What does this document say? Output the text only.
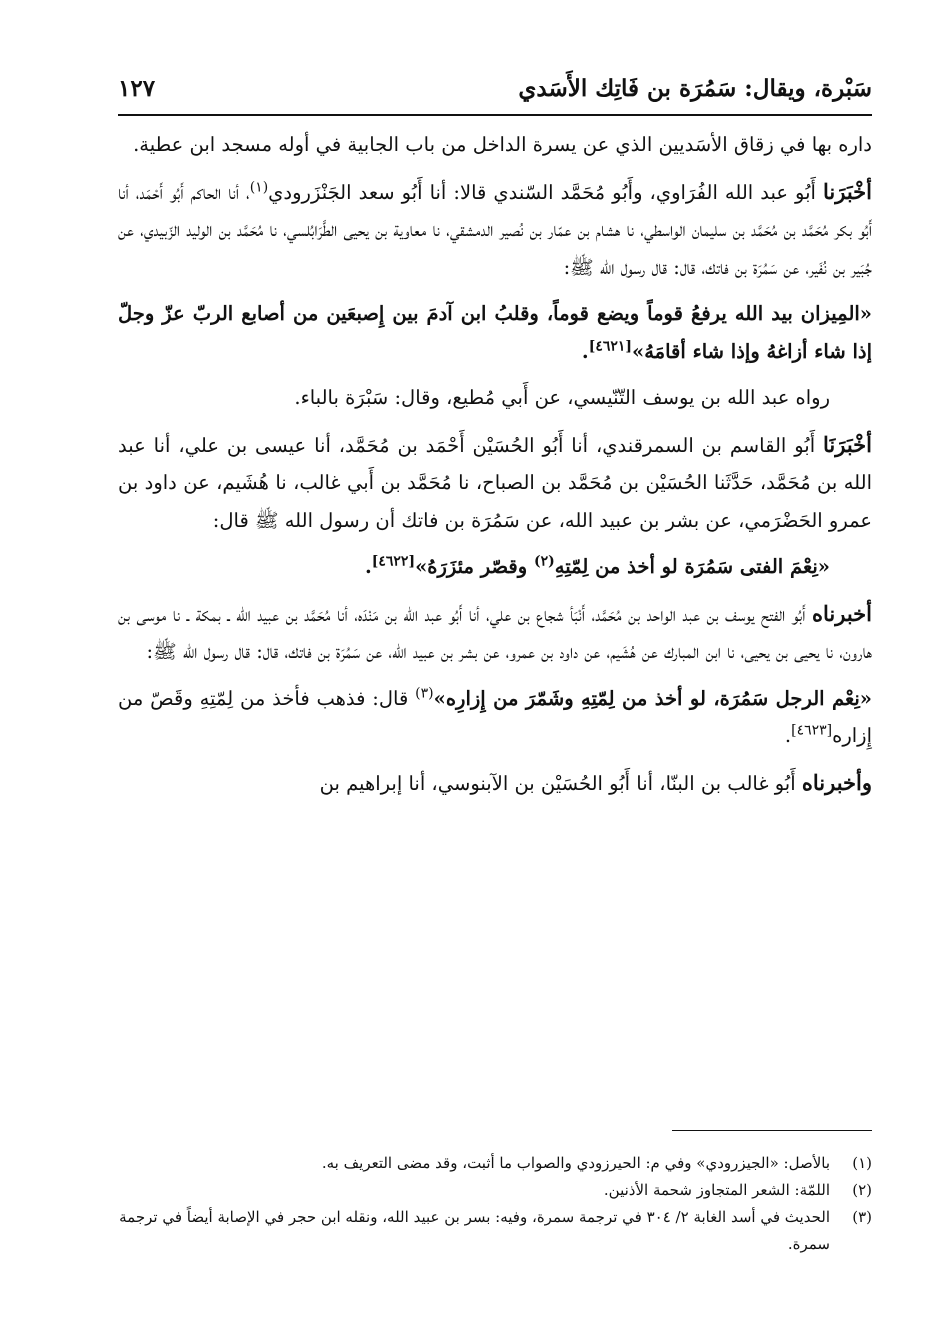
سَبْرة، ويقال: سَمُرَة بن فَاتِك الأَسَدي
١٢٧

داره بها في زقاق الأسَديين الذي عن يسرة الداخل من باب الجابية في أوله مسجد ابن عطية.

أخْبَرَنا أَبُو عبد الله الفُرَاوي، وأَبُو مُحَمَّد السّندي قالا: أنا أَبُو سعد الجَنْزَرودي$^{(١)}$، أنا الحاكم أَبُو أَحْمَد، أنا أَبُو بكر مُحَمَّد بن مُحَمَّد بن سليمان الواسطي، نا هشام بن عمّار بن نُصير الدمشقي، نا معاوية بن يحيى الطَّرَابُلسي، نا مُحَمَّد بن الوليد الزّبيدي، عن جُبَير بن نُفَير، عن سَمُرَة بن فاتك، قال: قال رسول الله ﷺ:

«المِيزان بيد الله يرفعُ قوماً ويضع قوماً، وقلبُ ابن آدمَ بين إِصبعَين من أصابع الربّ عزّ وجلّ إذا شاء أزاغهُ وإذا شاء أقامَهُ»[٤٦٢١].

رواه عبد الله بن يوسف التّنّيسي، عن أَبي مُطيع، وقال: سَبْرَة بالباء.

أخْبَرَنَا أَبُو القاسم بن السمرقندي، أنا أَبُو الحُسَيْن أَحْمَد بن مُحَمَّد، أنا عيسى بن علي، أنا عبد الله بن مُحَمَّد، حَدَّثَنا الحُسَيْن بن مُحَمَّد بن الصباح، نا مُحَمَّد بن أَبي غالب، نا هُشَيم، عن داود بن عمرو الحَضْرَمي، عن بشر بن عبيد الله، عن سَمُرَة بن فاتك أن رسول الله ﷺ قال:

«نِعْمَ الفتى سَمُرَة لو أخذ من لِمّتِهِ$^{(٢)}$ وقصّر مئزَرَهُ»[٤٦٢٢].

أخبرناه أَبُو الفتح يوسف بن عبد الواحد بن مُحَمَّد، أَنْبَأ شجاع بن علي، أنا أَبُو عبد الله بن مَنْدَه، أنا مُحَمَّد بن عبيد الله ـ بمكة ـ نا موسى بن هارون، نا يحيى بن يحيى، نا ابن المبارك عن هُشَيم، عن داود بن عمرو، عن بشر بن عبيد الله، عن سَمُرَة بن فاتك، قال: قال رسول الله ﷺ:

«نِعْم الرجل سَمُرَة، لو أخذ من لِمّتِهِ وشَمّرَ من إِزارِه»$^{(٣)}$ قال: فذهب فأخذ من لِمّتِهِ وقَصّ من إِزاره[٤٦٢٣].

وأخبرناه أَبُو غالب بن البنّا، أنا أَبُو الحُسَيْن بن الآبنوسي، أنا إبراهيم بن

(١)
بالأصل: «الجيزرودي» وفي م: الحيرزودي والصواب ما أثبت، وقد مضى التعريف به.
(٢)
اللمّة: الشعر المتجاوز شحمة الأذنين.
(٣)
الحديث في أسد الغابة ٢/ ٣٠٤ في ترجمة سمرة، وفيه: بسر بن عبيد الله، ونقله ابن حجر في الإصابة أيضاً في ترجمة سمرة.
